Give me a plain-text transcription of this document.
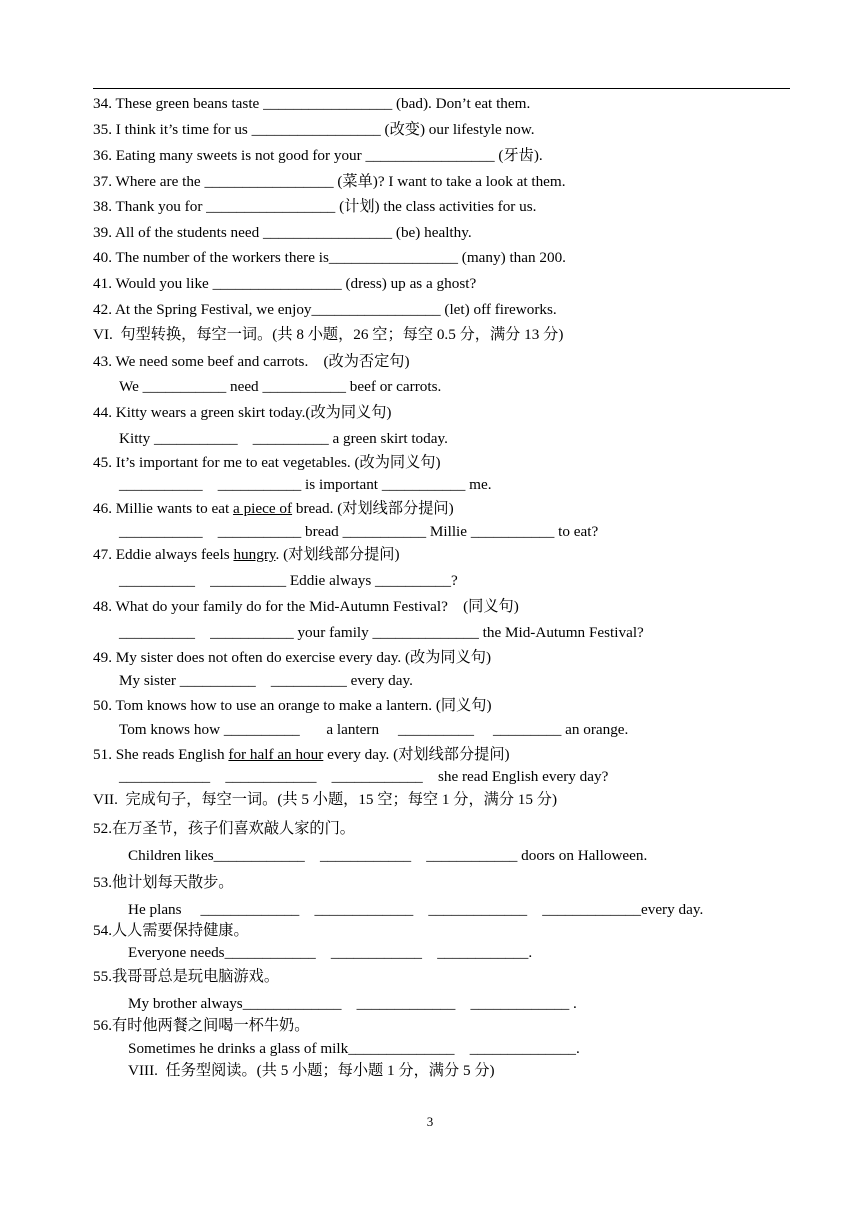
34. These green beans taste _________________ (bad). Don’t eat them.
35. I think it’s time for us _________________ (改变) our lifestyle now.
36. Eating many sweets is not good for your _________________ (牙齿).
37. Where are the _________________ (菜单)? I want to take a look at them.
38. Thank you for _________________ (计划) the class activities for us.
39. All of the students need _________________ (be) healthy.
40. The number of the workers there is_________________ (many) than 200.
41. Would you like _________________ (dress) up as a ghost?
42. At the Spring Festival, we enjoy_________________ (let) off fireworks.
VI.  句型转换，每空一词。(共 8 小题，26 空；每空 0.5 分，满分 13 分)
43. We need some beef and carrots.    (改为否定句)
We ___________ need ___________ beef or carrots.
44. Kitty wears a green skirt today.(改为同义句)
Kitty ___________    __________ a green skirt today.
45. It’s important for me to eat vegetables. (改为同义句)
___________    ___________ is important ___________ me.
46. Millie wants to eat a piece of bread. (对划线部分提问)
___________    ___________ bread ___________ Millie ___________ to eat?
47. Eddie always feels hungry. (对划线部分提问)
__________    __________ Eddie always __________?
48. What do your family do for the Mid-Autumn Festival?    (同义句)
__________    ___________ your family ______________ the Mid-Autumn Festival?
49. My sister does not often do exercise every day. (改为同义句)
My sister __________    __________ every day.
50. Tom knows how to use an orange to make a lantern. (同义句)
Tom knows how __________       a lantern     __________     _________ an orange.
51. She reads English for half an hour every day. (对划线部分提问)
____________    ____________    ____________    she read English every day?
VII.  完成句子，每空一词。(共 5 小题，15 空；每空 1 分，满分 15 分)
52.在万圣节，孩子们喜欢敲人家的门。
Children likes____________    ____________    ____________ doors on Halloween.
53.他计划每天散步。
He plans     _____________    _____________    _____________    _____________every day.
54.人人需要保持健康。
Everyone needs____________    ____________    ____________.
55.我哥哥总是玩电脑游戏。
My brother always_____________    _____________    _____________ .
56.有时他两餐之间喝一杯牛奶。
Sometimes he drinks a glass of milk______________    ______________.
VIII.  任务型阅读。(共 5 小题；每小题 1 分，满分 5 分)
3
